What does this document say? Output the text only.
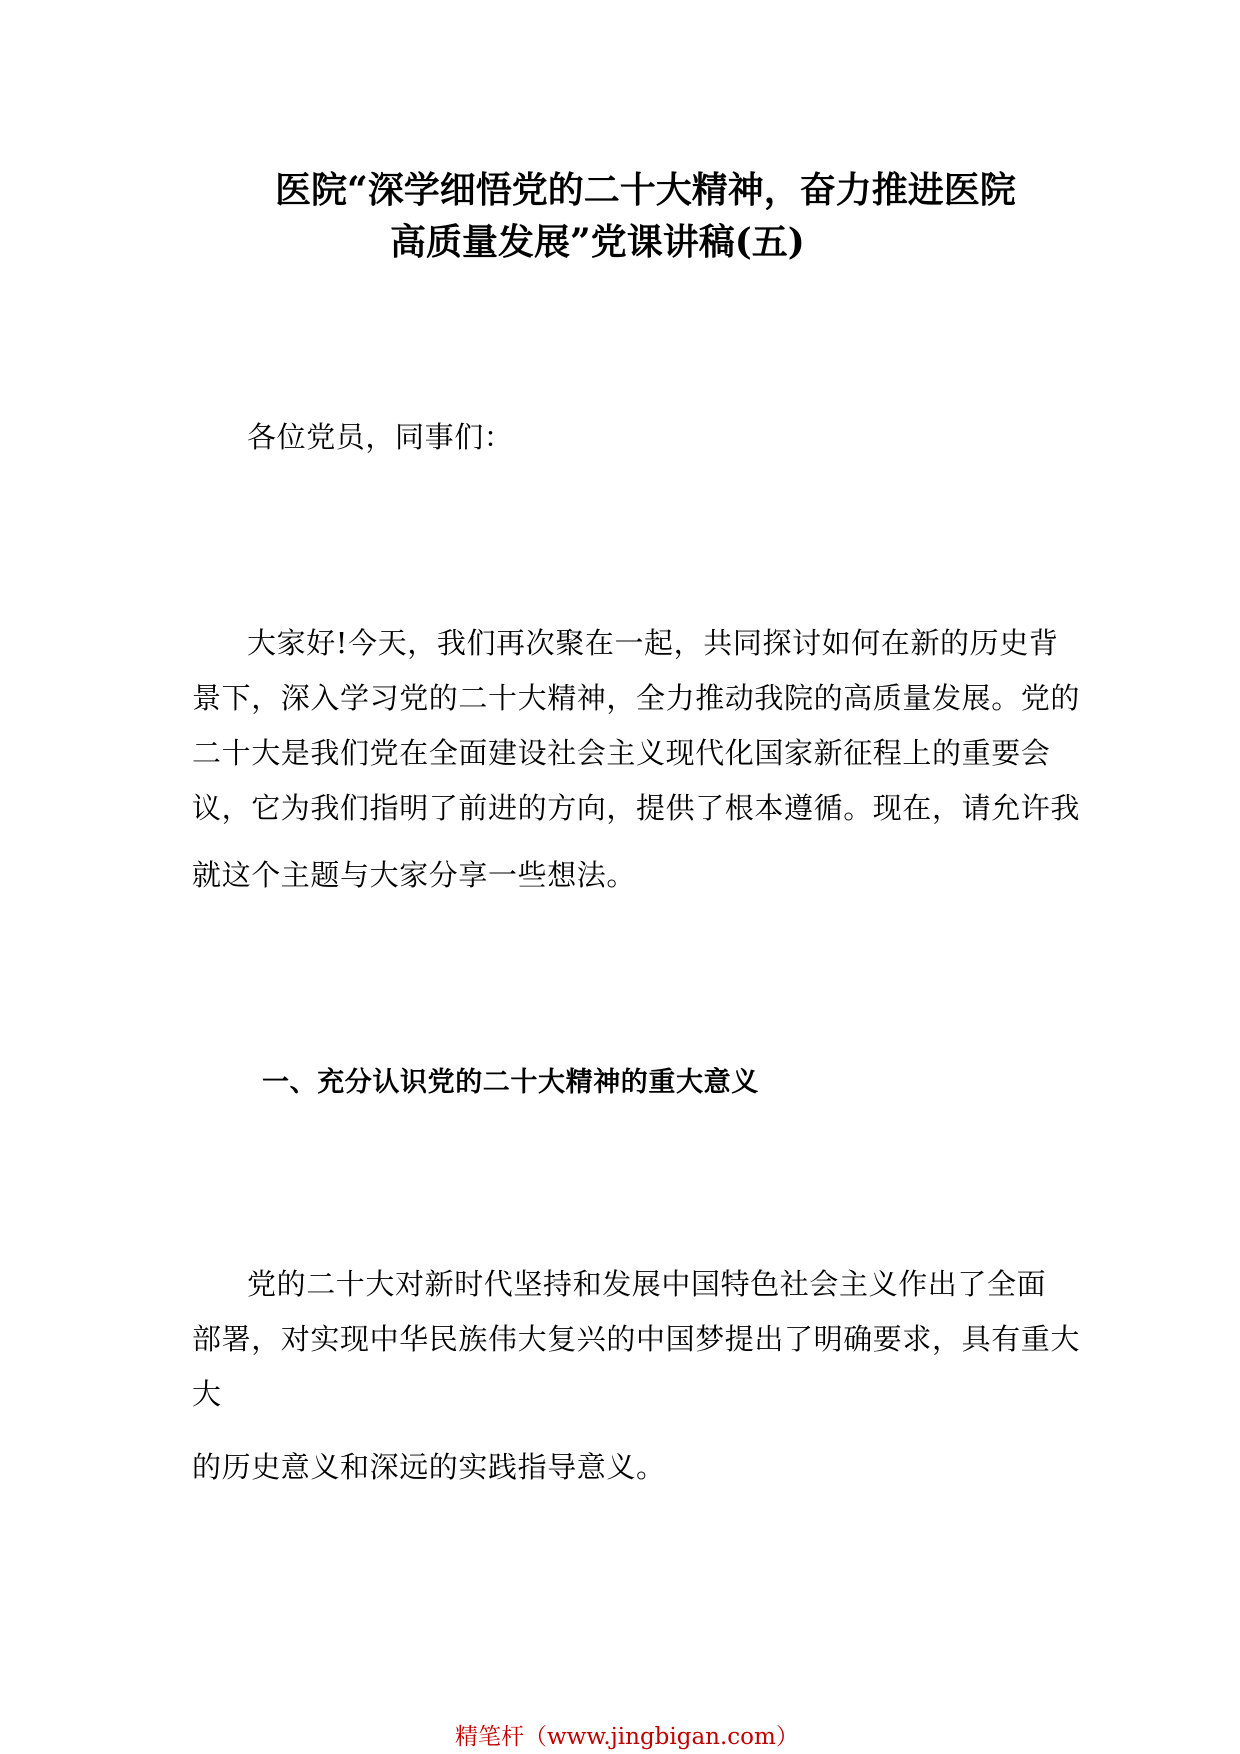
医院“深学细悟党的二十大精神，奋力推进医院
高质量发展”党课讲稿(五)

各位党员，同事们：

大家好!今天，我们再次聚在一起，共同探讨如何在新的历史背

景下，深入学习党的二十大精神，全力推动我院的高质量发展。党的

二十大是我们党在全面建设社会主义现代化国家新征程上的重要会

议，它为我们指明了前进的方向，提供了根本遵循。现在，请允许我

就这个主题与大家分享一些想法。

一、充分认识党的二十大精神的重大意义

党的二十大对新时代坚持和发展中国特色社会主义作出了全面

部署，对实现中华民族伟大复兴的中国梦提出了明确要求，具有重大

大

的历史意义和深远的实践指导意义。

精笔杆（www.jingbigan.com）
